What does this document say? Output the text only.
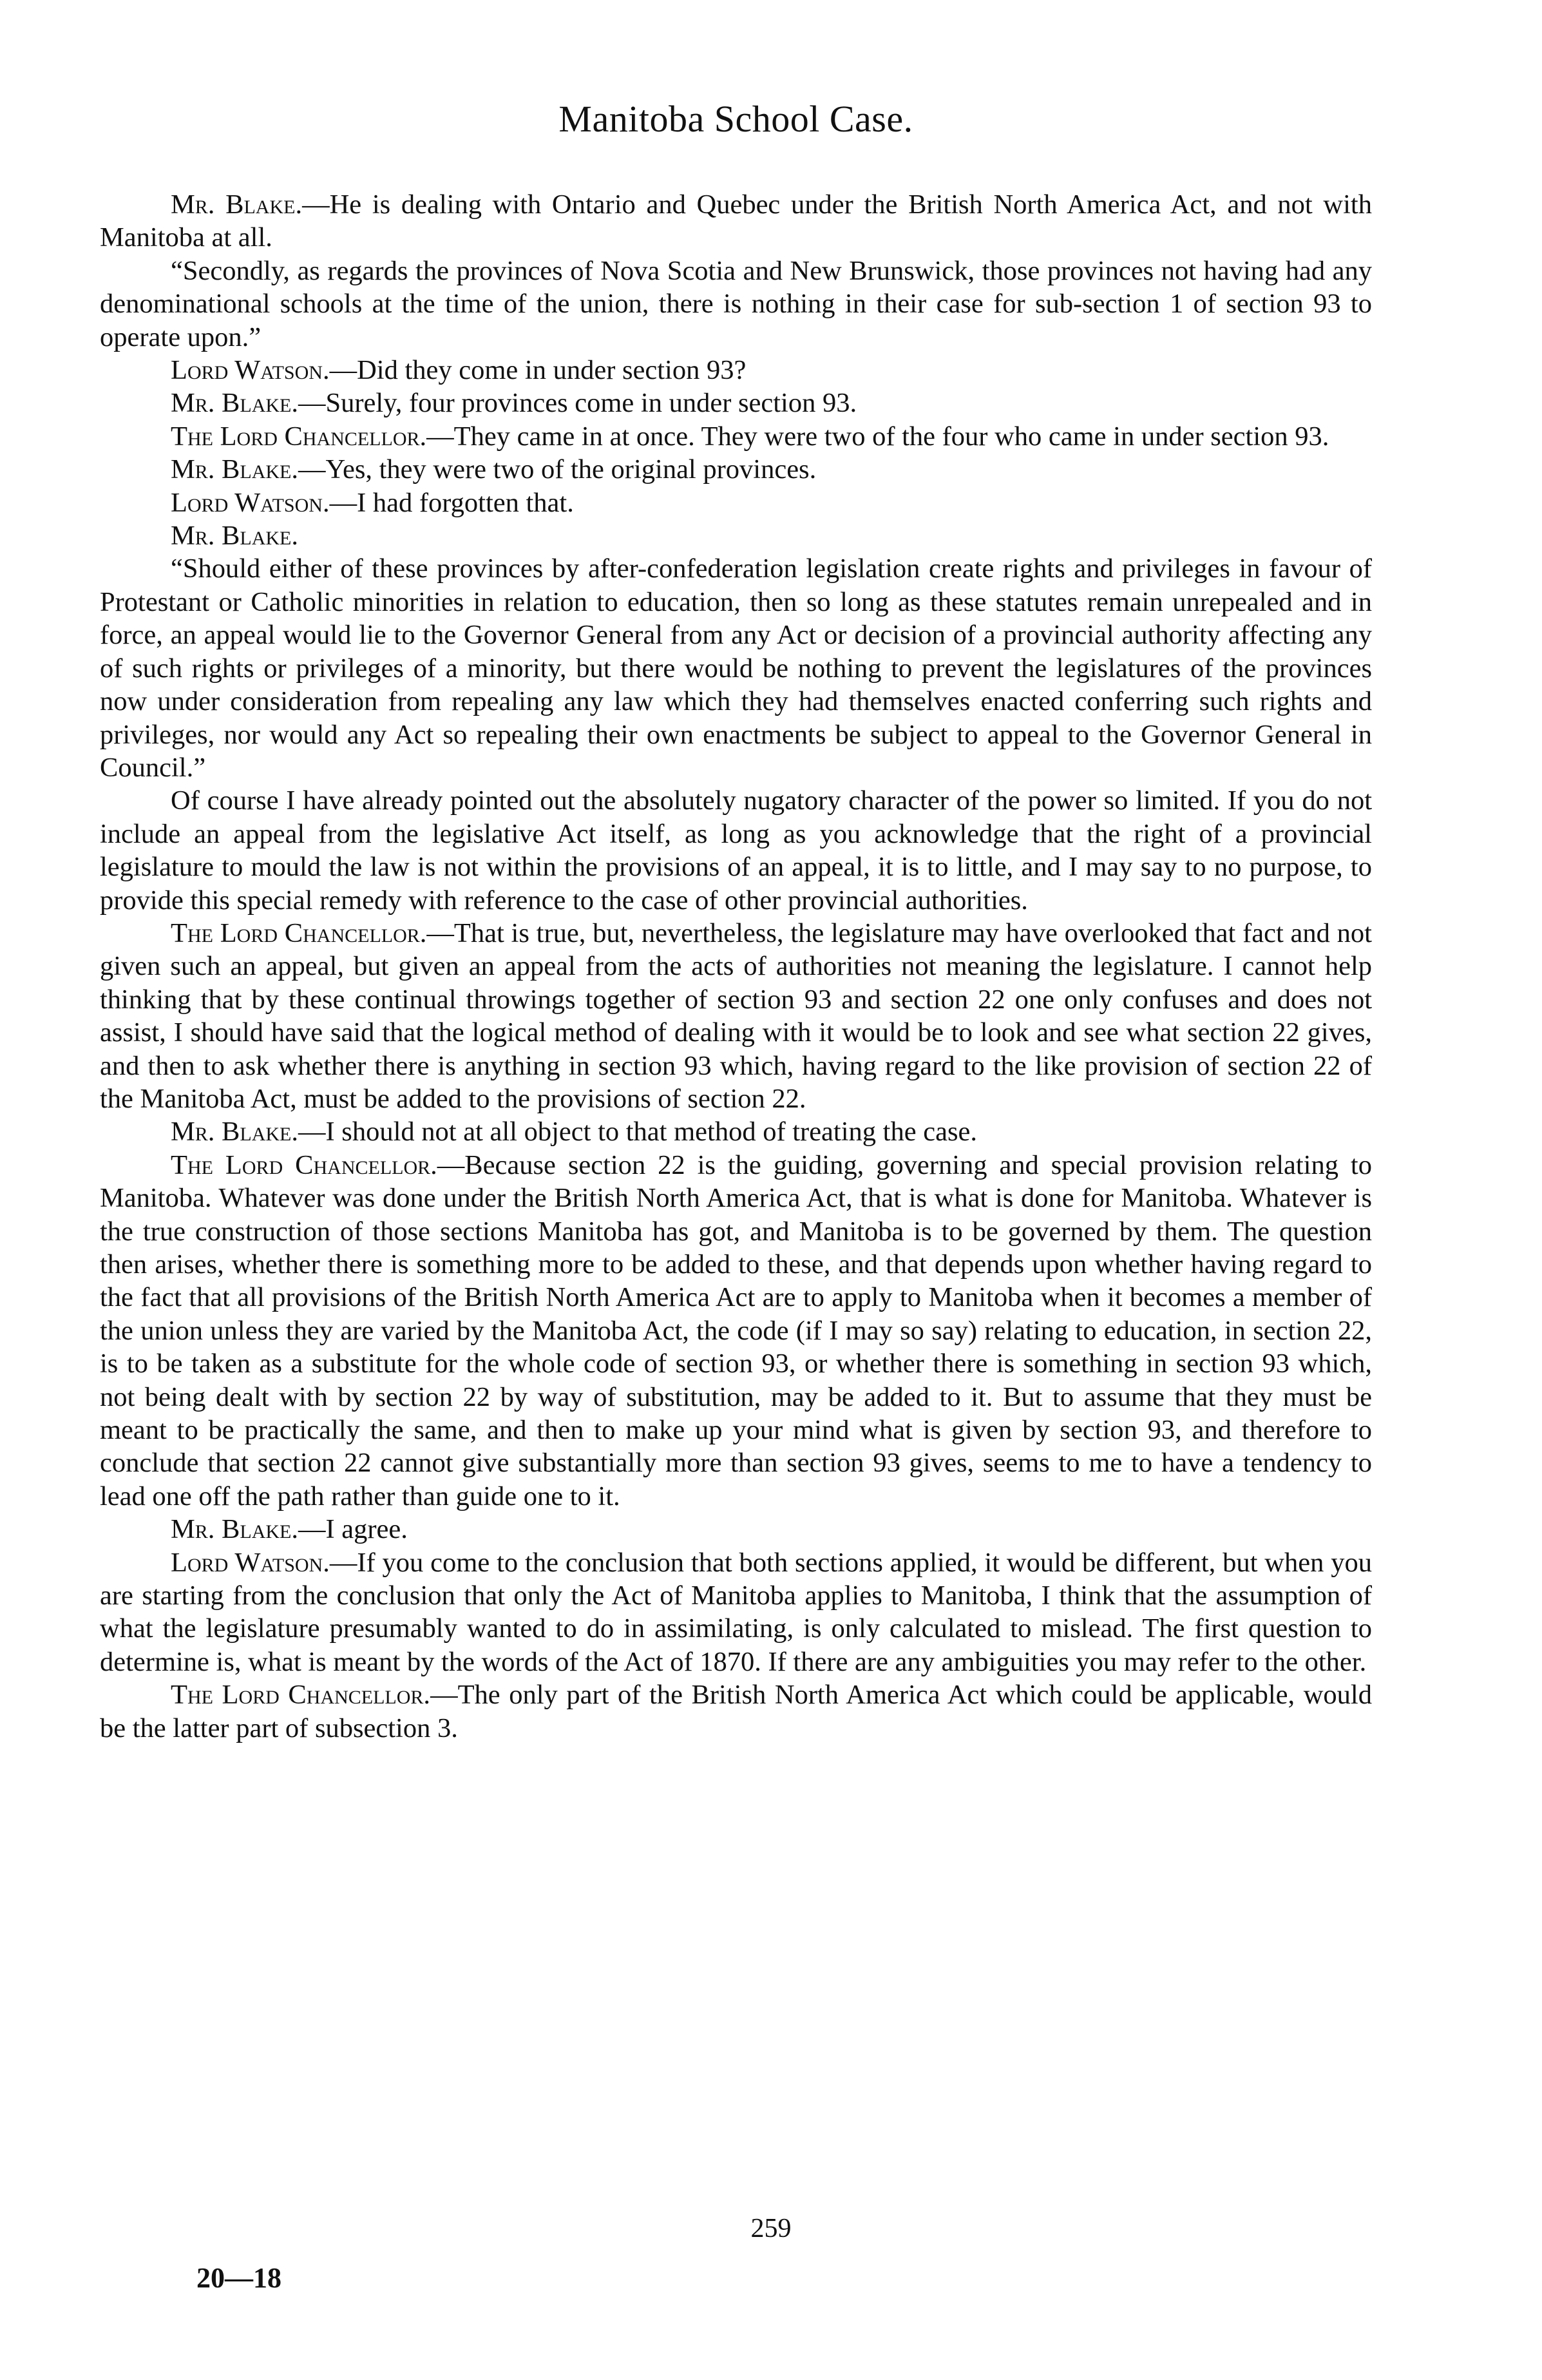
Manitoba School Case.

Mr. Blake.—He is dealing with Ontario and Quebec under the British North America Act, and not with Manitoba at all.

“Secondly, as regards the provinces of Nova Scotia and New Brunswick, those provinces not having had any denominational schools at the time of the union, there is nothing in their case for sub-section 1 of section 93 to operate upon.”

Lord Watson.—Did they come in under section 93?

Mr. Blake.—Surely, four provinces come in under section 93.

The Lord Chancellor.—They came in at once. They were two of the four who came in under section 93.

Mr. Blake.—Yes, they were two of the original provinces.

Lord Watson.—I had forgotten that.

Mr. Blake.

“Should either of these provinces by after-confederation legislation create rights and privileges in favour of Protestant or Catholic minorities in relation to education, then so long as these statutes remain unrepealed and in force, an appeal would lie to the Governor General from any Act or decision of a provincial authority affecting any of such rights or privileges of a minority, but there would be nothing to prevent the legislatures of the provinces now under consideration from repealing any law which they had themselves enacted conferring such rights and privileges, nor would any Act so repealing their own enactments be subject to appeal to the Governor General in Council.”

Of course I have already pointed out the absolutely nugatory character of the power so limited. If you do not include an appeal from the legislative Act itself, as long as you acknowledge that the right of a provincial legislature to mould the law is not within the provisions of an appeal, it is to little, and I may say to no purpose, to provide this special remedy with reference to the case of other provincial authorities.

The Lord Chancellor.—That is true, but, nevertheless, the legislature may have overlooked that fact and not given such an appeal, but given an appeal from the acts of authorities not meaning the legislature. I cannot help thinking that by these continual throwings together of section 93 and section 22 one only confuses and does not assist, I should have said that the logical method of dealing with it would be to look and see what section 22 gives, and then to ask whether there is anything in section 93 which, having regard to the like provision of section 22 of the Manitoba Act, must be added to the provisions of section 22.

Mr. Blake.—I should not at all object to that method of treating the case.

The Lord Chancellor.—Because section 22 is the guiding, governing and special provision relating to Manitoba. Whatever was done under the British North America Act, that is what is done for Manitoba. Whatever is the true construction of those sections Manitoba has got, and Manitoba is to be governed by them. The question then arises, whether there is something more to be added to these, and that depends upon whether having regard to the fact that all provisions of the British North America Act are to apply to Manitoba when it becomes a member of the union unless they are varied by the Manitoba Act, the code (if I may so say) relating to education, in section 22, is to be taken as a substitute for the whole code of section 93, or whether there is something in section 93 which, not being dealt with by section 22 by way of substitution, may be added to it. But to assume that they must be meant to be practically the same, and then to make up your mind what is given by section 93, and therefore to conclude that section 22 cannot give substantially more than section 93 gives, seems to me to have a tendency to lead one off the path rather than guide one to it.

Mr. Blake.—I agree.

Lord Watson.—If you come to the conclusion that both sections applied, it would be different, but when you are starting from the conclusion that only the Act of Manitoba applies to Manitoba, I think that the assumption of what the legislature presumably wanted to do in assimilating, is only calculated to mislead. The first question to determine is, what is meant by the words of the Act of 1870. If there are any ambiguities you may refer to the other.

The Lord Chancellor.—The only part of the British North America Act which could be applicable, would be the latter part of subsection 3.

259
20—18
